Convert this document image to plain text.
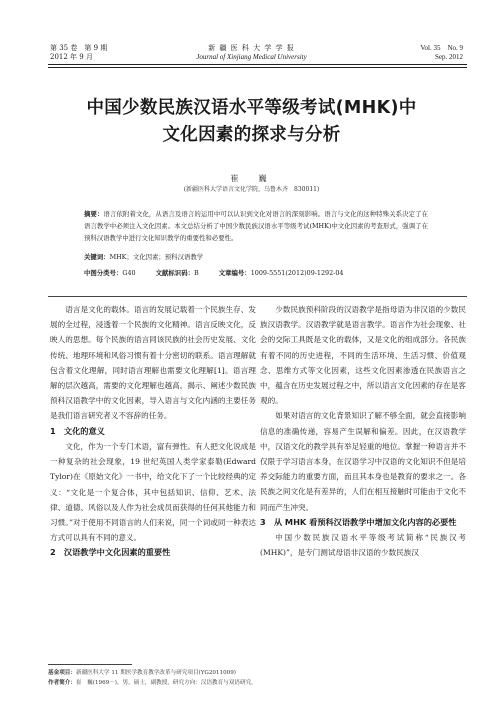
第 35 卷　第 9 期
2012 年 9 月
新 疆 医 科 大 学 学 报
Journal of Xinjiang Medical University
Vol. 35　No. 9
Sep. 2012
中国少数民族汉语水平等级考试(MHK)中
文化因素的探求与分析
崔　巍
(新疆医科大学语言文化学院，乌鲁木齐　830011)
摘要：语言依附着文化，从语言及语言的运用中可以认识到文化对语言的深刻影响。语言与文化的这种特殊关系决定了在语言教学中必须注入文化因素。本文总结分析了中国少数民族汉语水平等级考试(MHK)中文化因素的考查形式，强调了在预科汉语教学中进行文化知识教学的重要性和必要性。
关键词：MHK；文化因素；预科汉语教学
中图分类号：G40	文献标识码：B	文章编号：1009-5551(2012)09-1292-04

语言是文化的载体。语言的发展记载着一个民族生存、发展的全过程，浸透着一个民族的文化精神。语言反映文化，反映人的思想。每个民族的语言同该民族的社会历史发展、文化传统、地理环境和风俗习惯有着十分密切的联系。语言理解就包含着文化理解，同时语言理解也需要文化理解[1]。语言理解的层次越高，需要的文化理解也越高。揭示、阐述少数民族预科汉语教学中的文化因素，导入语言与文化内涵的主要任务是我们语言研究者义不容辞的任务。

1　文化的意义

文化，作为一个专门术语，富有弹性。有人把文化说成是一种复杂的社会现象，19 世纪英国人类学家泰勒(Edward Tylor)在《原始文化》一书中，给文化下了一个比较经典的定义：“文化是一个复合体，其中包括知识、信仰、艺术、法律、道德、风俗以及人作为社会成员而获得的任何其他能力和习惯。”对于使用不同语言的人们来说，同一个词或同一种表达方式可以具有不同的意义。

2　汉语教学中文化因素的重要性

少数民族预科阶段的汉语教学是指母语为非汉语的少数民族汉语教学。汉语教学就是语言教学。语言作为社会现象、社会的交际工具既是文化的载体，又是文化的组成部分。各民族有着不同的历史进程，不同的生活环境、生活习惯、价值观念、思维方式等文化因素，这些文化因素渗透在民族语言之中，蕴含在历史发展过程之中，所以语言文化因素的存在是客观的。

如果对语言的文化背景知识了解不够全面，就会直接影响信息的准确传递，容易产生误解和偏差。因此，在汉语教学中，汉语文化的教学具有举足轻重的地位。掌握一种语言并不仅限于学习语言本身，在汉语学习中汉语的文化知识不但是培养交际能力的重要方面，而且其本身也是教育的要求之一。各民族之间文化是有差异的，人们在相互接触时可能由于文化不同而产生冲突。

3　从 MHK 看预科汉语教学中增加文化内容的必要性

中国少数民族汉语水平等级考试简称“民族汉考(MHK)”，是专门测试母语非汉语的少数民族汉

基金项目：新疆医科大学 11 期医学教育教学改革与研究项目(YG2011009)
作者简介：崔　巍(1969－)，男，硕士，副教授，研究方向：汉语教育与双语研究。
